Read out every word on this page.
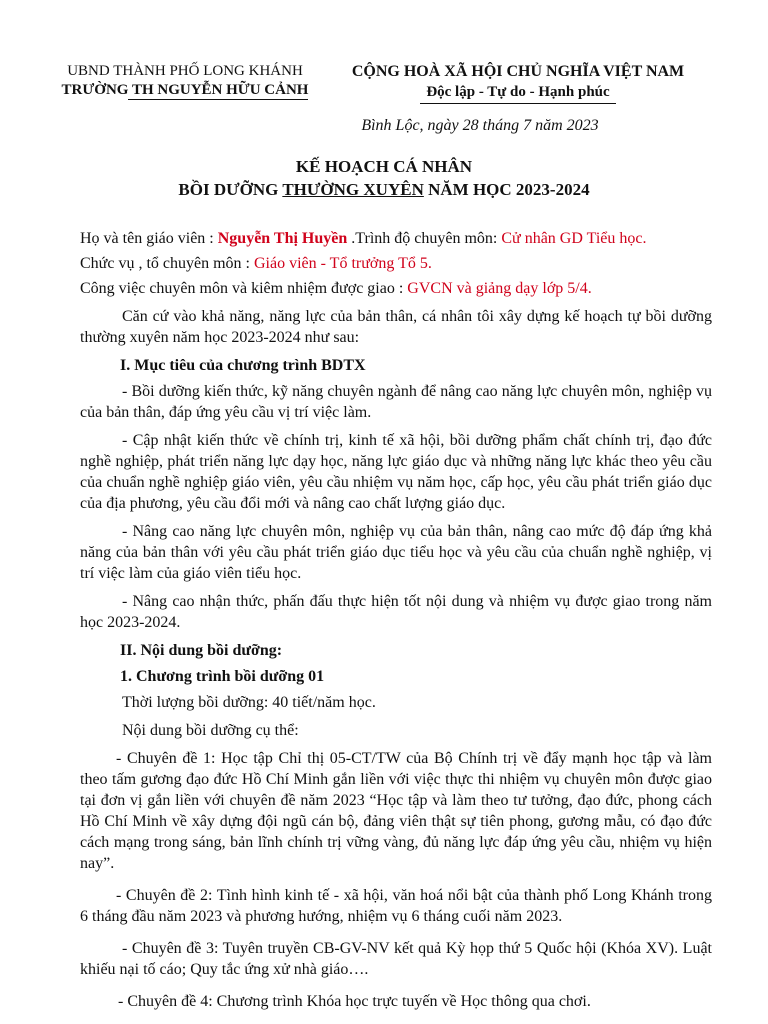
UBND THÀNH PHỐ LONG KHÁNH
TRƯỜNG TH NGUYỄN HỮU CẢNH
CỘNG HOÀ XÃ HỘI CHỦ NGHĨA VIỆT NAM
Độc lập - Tự do - Hạnh phúc
Bình Lộc, ngày 28 tháng 7 năm 2023
KẾ HOẠCH CÁ NHÂN
BỒI DƯỠNG THƯỜNG XUYÊN NĂM HỌC 2023-2024

Họ và tên giáo viên : Nguyễn Thị Huyền .Trình độ chuyên môn: Cử nhân GD Tiểu học.

Chức vụ , tổ chuyên môn : Giáo viên - Tổ trưởng Tổ 5.

Công việc chuyên môn và kiêm nhiệm được giao : GVCN và giảng dạy lớp 5/4.

Căn cứ vào khả năng, năng lực của bản thân, cá nhân tôi xây dựng kế hoạch tự bồi dưỡng thường xuyên năm học 2023-2024 như sau:

I. Mục tiêu của chương trình BDTX

- Bồi dưỡng kiến thức, kỹ năng chuyên ngành để nâng cao năng lực chuyên môn, nghiệp vụ của bản thân, đáp ứng yêu cầu vị trí việc làm.

- Cập nhật kiến thức về chính trị, kinh tế xã hội, bồi dưỡng phẩm chất chính trị, đạo đức nghề nghiệp, phát triển năng lực dạy học, năng lực giáo dục và những năng lực khác theo yêu cầu của chuẩn nghề nghiệp giáo viên, yêu cầu nhiệm vụ năm học, cấp học, yêu cầu phát triển giáo dục của địa phương, yêu cầu đổi mới và nâng cao chất lượng giáo dục.

- Nâng cao năng lực chuyên môn, nghiệp vụ của bản thân, nâng cao mức độ đáp ứng khả năng của bản thân với yêu cầu phát triển giáo dục tiểu học và yêu cầu của chuẩn nghề nghiệp, vị trí việc làm của giáo viên tiểu học.

- Nâng cao nhận thức, phấn đấu thực hiện tốt nội dung và nhiệm vụ được giao trong năm học 2023-2024.

II. Nội dung bồi dưỡng:

1. Chương trình bồi dưỡng 01

Thời lượng bồi dưỡng: 40 tiết/năm học.

Nội dung bồi dưỡng cụ thể:

- Chuyên đề 1: Học tập Chỉ thị 05-CT/TW của Bộ Chính trị về đẩy mạnh học tập và làm theo tấm gương đạo đức Hồ Chí Minh gắn liền với việc thực thi nhiệm vụ chuyên môn được giao tại đơn vị gắn liền với chuyên đề năm 2023 “Học tập và làm theo tư tưởng, đạo đức, phong cách Hồ Chí Minh về xây dựng đội ngũ cán bộ, đảng viên thật sự tiên phong, gương mẫu, có đạo đức cách mạng trong sáng, bản lĩnh chính trị vững vàng, đủ năng lực đáp ứng yêu cầu, nhiệm vụ hiện nay”.

- Chuyên đề 2: Tình hình kinh tế - xã hội, văn hoá nổi bật của thành phố Long Khánh trong 6 tháng đầu năm 2023 và phương hướng, nhiệm vụ 6 tháng cuối năm 2023.

- Chuyên đề 3: Tuyên truyền CB-GV-NV kết quả Kỳ họp thứ 5 Quốc hội (Khóa XV). Luật khiếu nại tố cáo; Quy tắc ứng xử nhà giáo….

- Chuyên đề 4: Chương trình Khóa học trực tuyến về Học thông qua chơi.
